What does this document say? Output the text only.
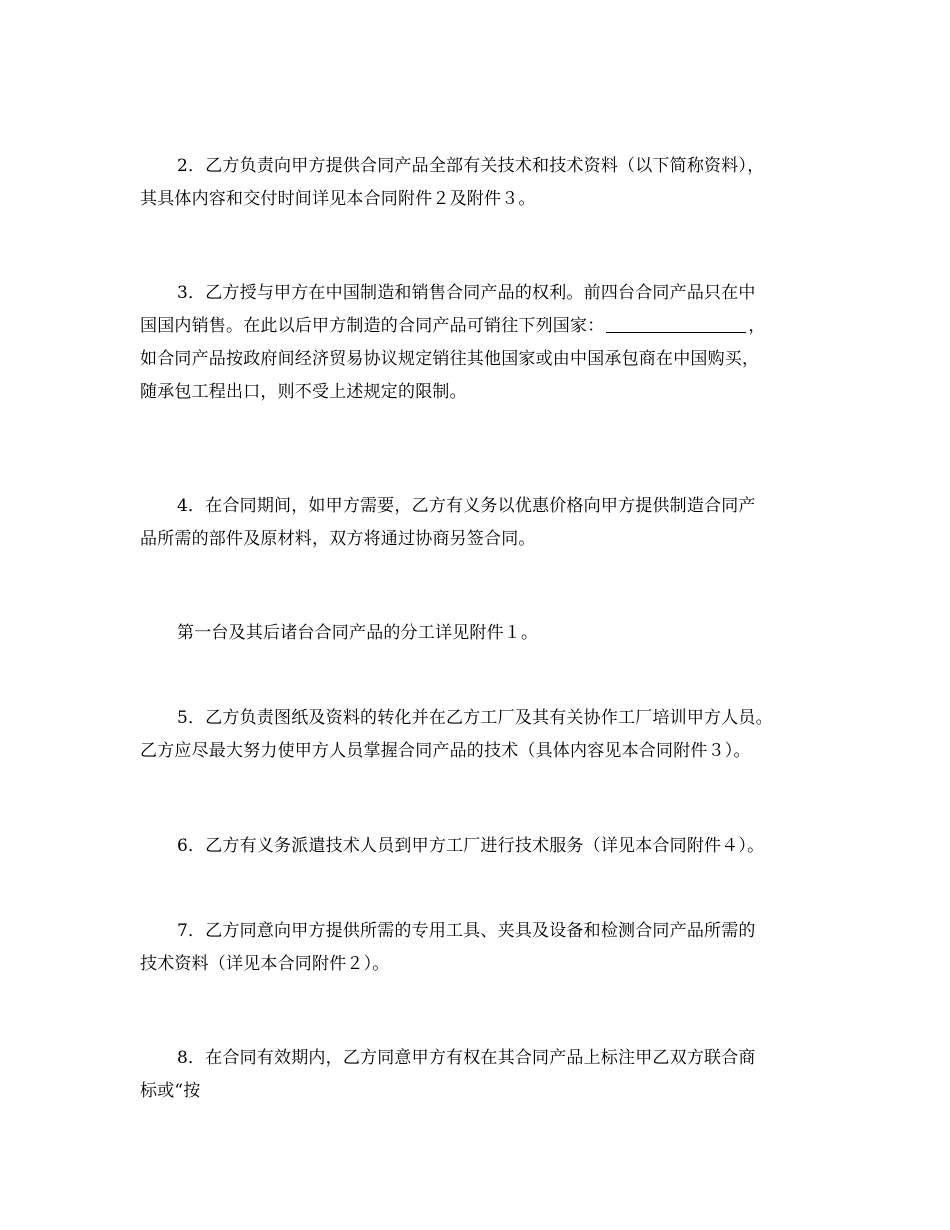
2．乙方负责向甲方提供合同产品全部有关技术和技术资料（以下简称资料），
其具体内容和交付时间详见本合同附件２及附件３。
3．乙方授与甲方在中国制造和销售合同产品的权利。前四台合同产品只在中
国国内销售。在此以后甲方制造的合同产品可销往下列国家：	，
如合同产品按政府间经济贸易协议规定销往其他国家或由中国承包商在中国购买，
随承包工程出口，则不受上述规定的限制。
4．在合同期间，如甲方需要，乙方有义务以优惠价格向甲方提供制造合同产
品所需的部件及原材料，双方将通过协商另签合同。
第一台及其后诸台合同产品的分工详见附件１。
5．乙方负责图纸及资料的转化并在乙方工厂及其有关协作工厂培训甲方人员。
乙方应尽最大努力使甲方人员掌握合同产品的技术（具体内容见本合同附件３）。
6．乙方有义务派遣技术人员到甲方工厂进行技术服务（详见本合同附件４）。
7．乙方同意向甲方提供所需的专用工具、夹具及设备和检测合同产品所需的
技术资料（详见本合同附件２）。
8．在合同有效期内，乙方同意甲方有权在其合同产品上标注甲乙双方联合商
标或“按
